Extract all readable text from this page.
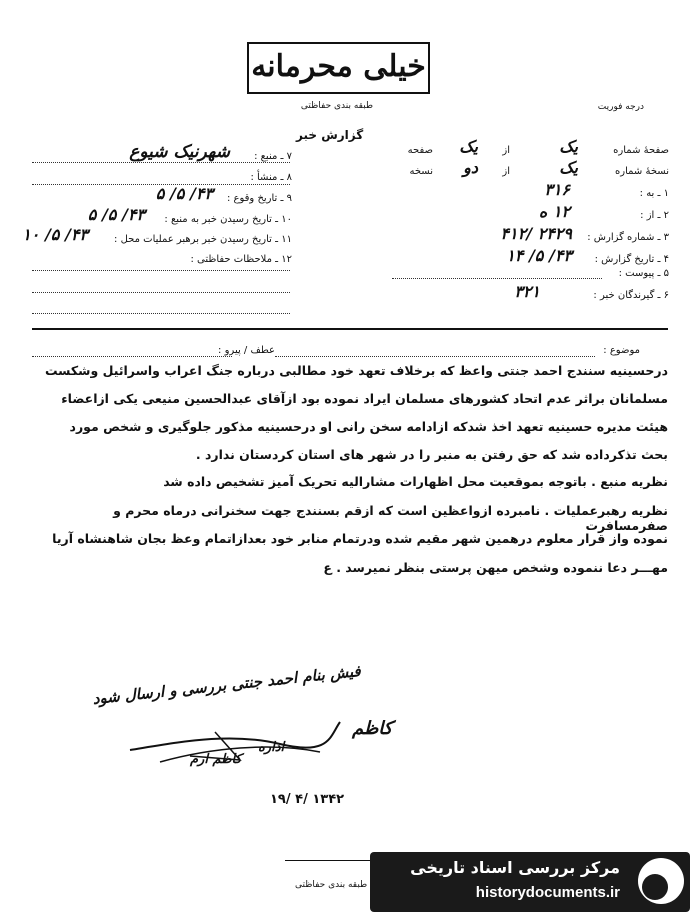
خیلی محرمانه
طبقه بندی حفاظتی	درجه فوریت
گزارش خبر
صفحهٔ شماره
یک
از
یک
صفحه
نسخهٔ شماره
یک
از
دو
نسخه
۱ ـ به :
۳۱۶
۲ ـ از :
۱۲ ه
۳ ـ شماره گزارش :
۴۱۲/ ۲۴۲۹
۴ ـ تاریخ گزارش :
۱۴ /۵ /۴۳
۵ ـ پیوست :
۶ ـ گیرندگان خبر :
۳۲۱
۷ ـ منبع :
شهرنیک شیوع
۸ ـ منشأ :
۹ ـ تاریخ وقوع :
۵ /۵ /۴۳
۱۰ ـ تاریخ رسیدن خبر به منبع :
۵ /۵ /۴۳
۱۱ ـ تاریخ رسیدن خبر برهبر عملیات محل :
۱۰ /۵ /۴۳
۱۲ ـ ملاحظات حفاظتی :
موضوع :
عطف / پیرو :
درحسینیه سنندج احمد جنتی واعظ که برخلاف تعهد خود مطالبی درباره جنگ اعراب واسرائیل وشکست
مسلمانان براثر عدم اتحاد کشورهای مسلمان ایراد نموده بود ازآقای عبدالحسین منیعی یکی ازاعضاء
هیئت مدیره حسینیه تعهد اخذ شدکه ازادامه سخن رانی او درحسینیه مذکور جلوگیری و شخص مورد
بحث تذکرداده شد که حق رفتن به منبر را در شهر های استان کردستان ندارد .
نظریه منبع . باتوجه بموقعیت محل اظهارات مشارالیه تحریک آمیز تشخیص داده شد
نظریه رهبرعملیات . نامبرده ازواعظین است که ازقم بسنندج جهت سخنرانی درماه محرم و صفرمسافرت
نموده واز قرار معلوم درهمین شهر مقیم شده ودرتمام منابر خود بعدازاتمام وعظ بجان شاهنشاه آریا
مهـــر دعا ننموده وشخص میهن پرستی بنظر نمیرسد . ع
فیش بنام احمد جنتی بررسی و ارسال شود
کاظم
اداره
کاظم ارم
۱۹/ ۴/ ۱۳۴۲
طبقه بندی حفاظتی
مرکز بررسی اسناد تاریخی
historydocuments.ir
